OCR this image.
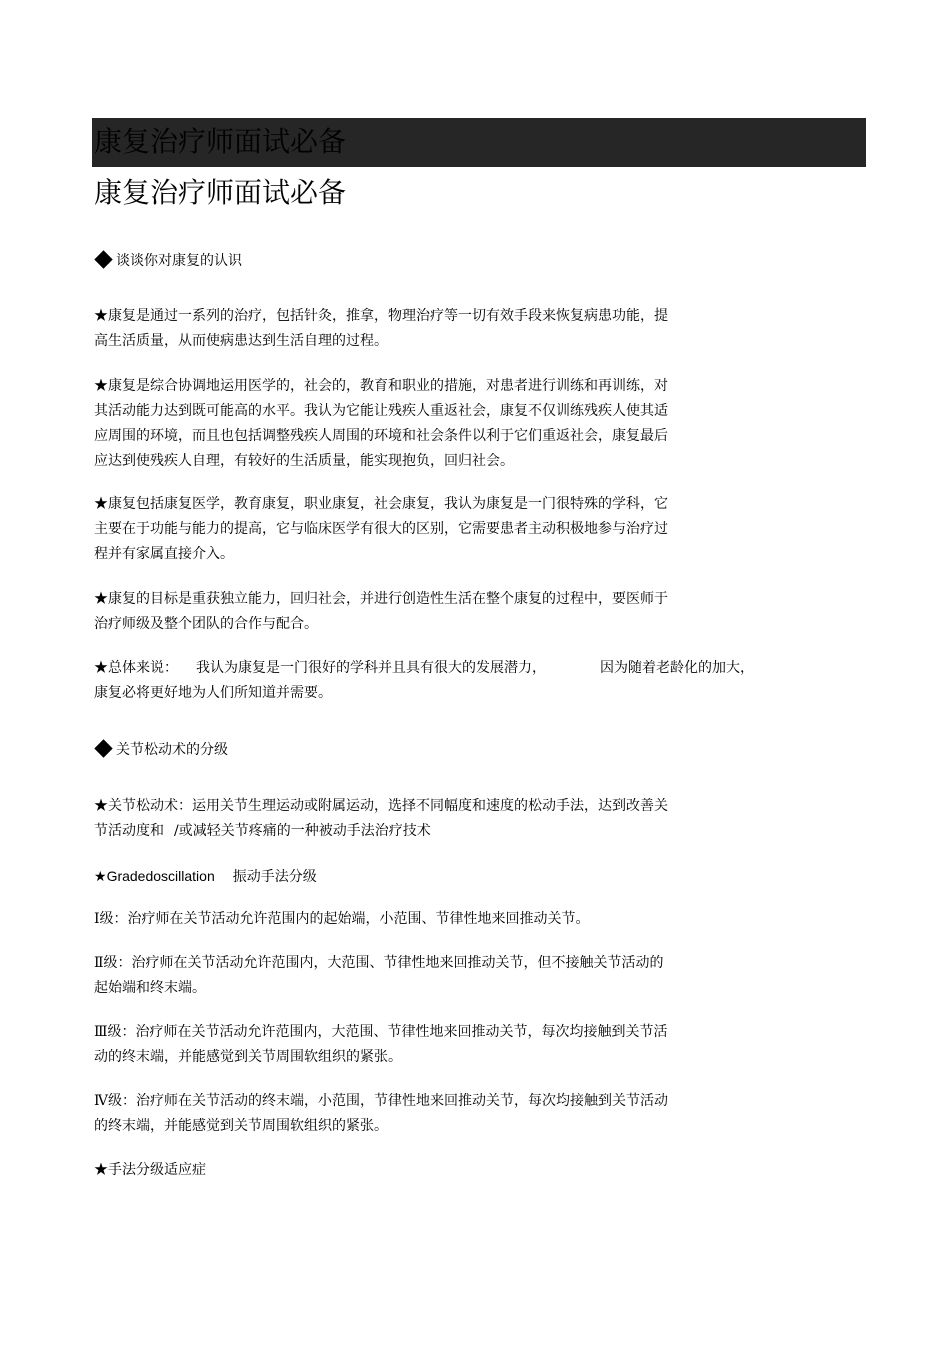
康复治疗师面试必备
康复治疗师面试必备
谈谈你对康复的认识
★康复是通过一系列的治疗，包括针灸，推拿，物理治疗等一切有效手段来恢复病患功能，提
高生活质量，从而使病患达到生活自理的过程。
★康复是综合协调地运用医学的，社会的，教育和职业的措施，对患者进行训练和再训练，对
其活动能力达到既可能高的水平。我认为它能让残疾人重返社会，康复不仅训练残疾人使其适
应周围的环境，而且也包括调整残疾人周围的环境和社会条件以利于它们重返社会，康复最后
应达到使残疾人自理，有较好的生活质量，能实现抱负，回归社会。
★康复包括康复医学，教育康复，职业康复，社会康复，我认为康复是一门很特殊的学科，它
主要在于功能与能力的提高，它与临床医学有很大的区别，它需要患者主动积极地参与治疗过
程并有家属直接介入。
★康复的目标是重获独立能力，回归社会，并进行创造性生活在整个康复的过程中，要医师于
治疗师级及整个团队的合作与配合。
★总体来说： 我认为康复是一门很好的学科并且具有很大的发展潜力，	因为随着老龄化的加大，
康复必将更好地为人们所知道并需要。
关节松动术的分级
★关节松动术：运用关节生理运动或附属运动，选择不同幅度和速度的松动手法，达到改善关
节活动度和 /或减轻关节疼痛的一种被动手法治疗技术
★Gradedoscillation 振动手法分级
Ⅰ级：治疗师在关节活动允许范围内的起始端，小范围、节律性地来回推动关节。
Ⅱ级：治疗师在关节活动允许范围内，大范围、节律性地来回推动关节，但不接触关节活动的
起始端和终末端。
Ⅲ级：治疗师在关节活动允许范围内，大范围、节律性地来回推动关节，每次均接触到关节活
动的终末端，并能感觉到关节周围软组织的紧张。
Ⅳ级：治疗师在关节活动的终末端，小范围，节律性地来回推动关节，每次均接触到关节活动
的终末端，并能感觉到关节周围软组织的紧张。
★手法分级适应症
